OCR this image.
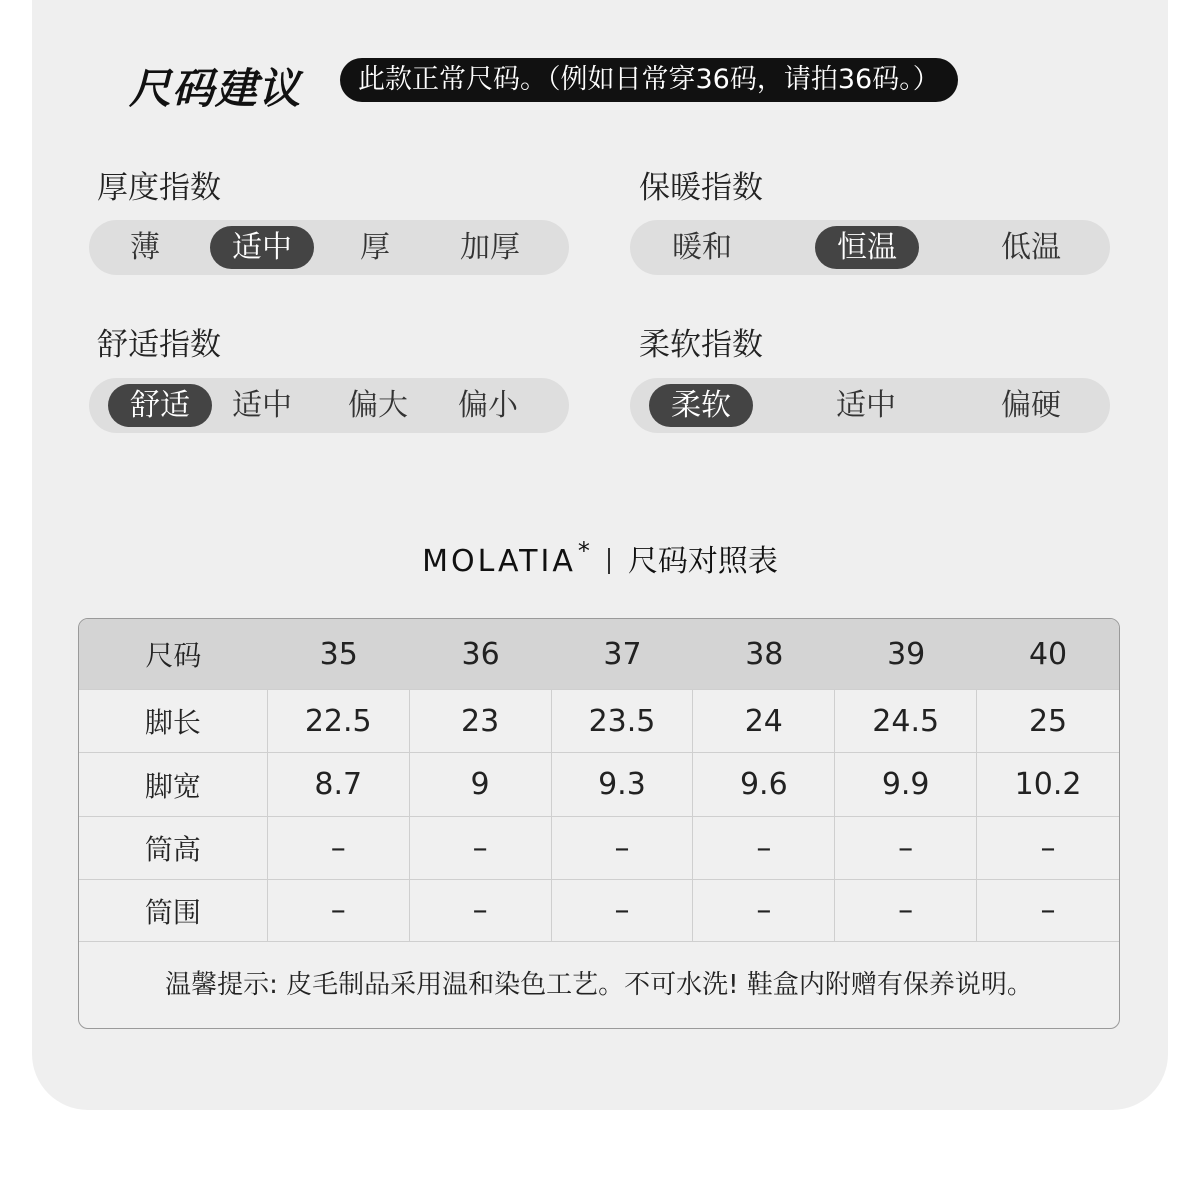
尺码建议	此款正常尺码。（例如日常穿36码，请拍36码。）
厚度指数
薄	适中	厚	加厚
保暖指数
暖和	恒温	低温
舒适指数
舒适	适中	偏大	偏小
柔软指数
柔软	适中	偏硬
MOLATIA* 尺码对照表
尺码	35	36	37	38	39	40
脚长	22.5	23	23.5	24	24.5	25
脚宽	8.7	9	9.3	9.6	9.9	10.2
筒高	–	–	–	–	–	–
筒围	–	–	–	–	–	–
温馨提示: 皮毛制品采用温和染色工艺。不可水洗! 鞋盒内附赠有保养说明。
